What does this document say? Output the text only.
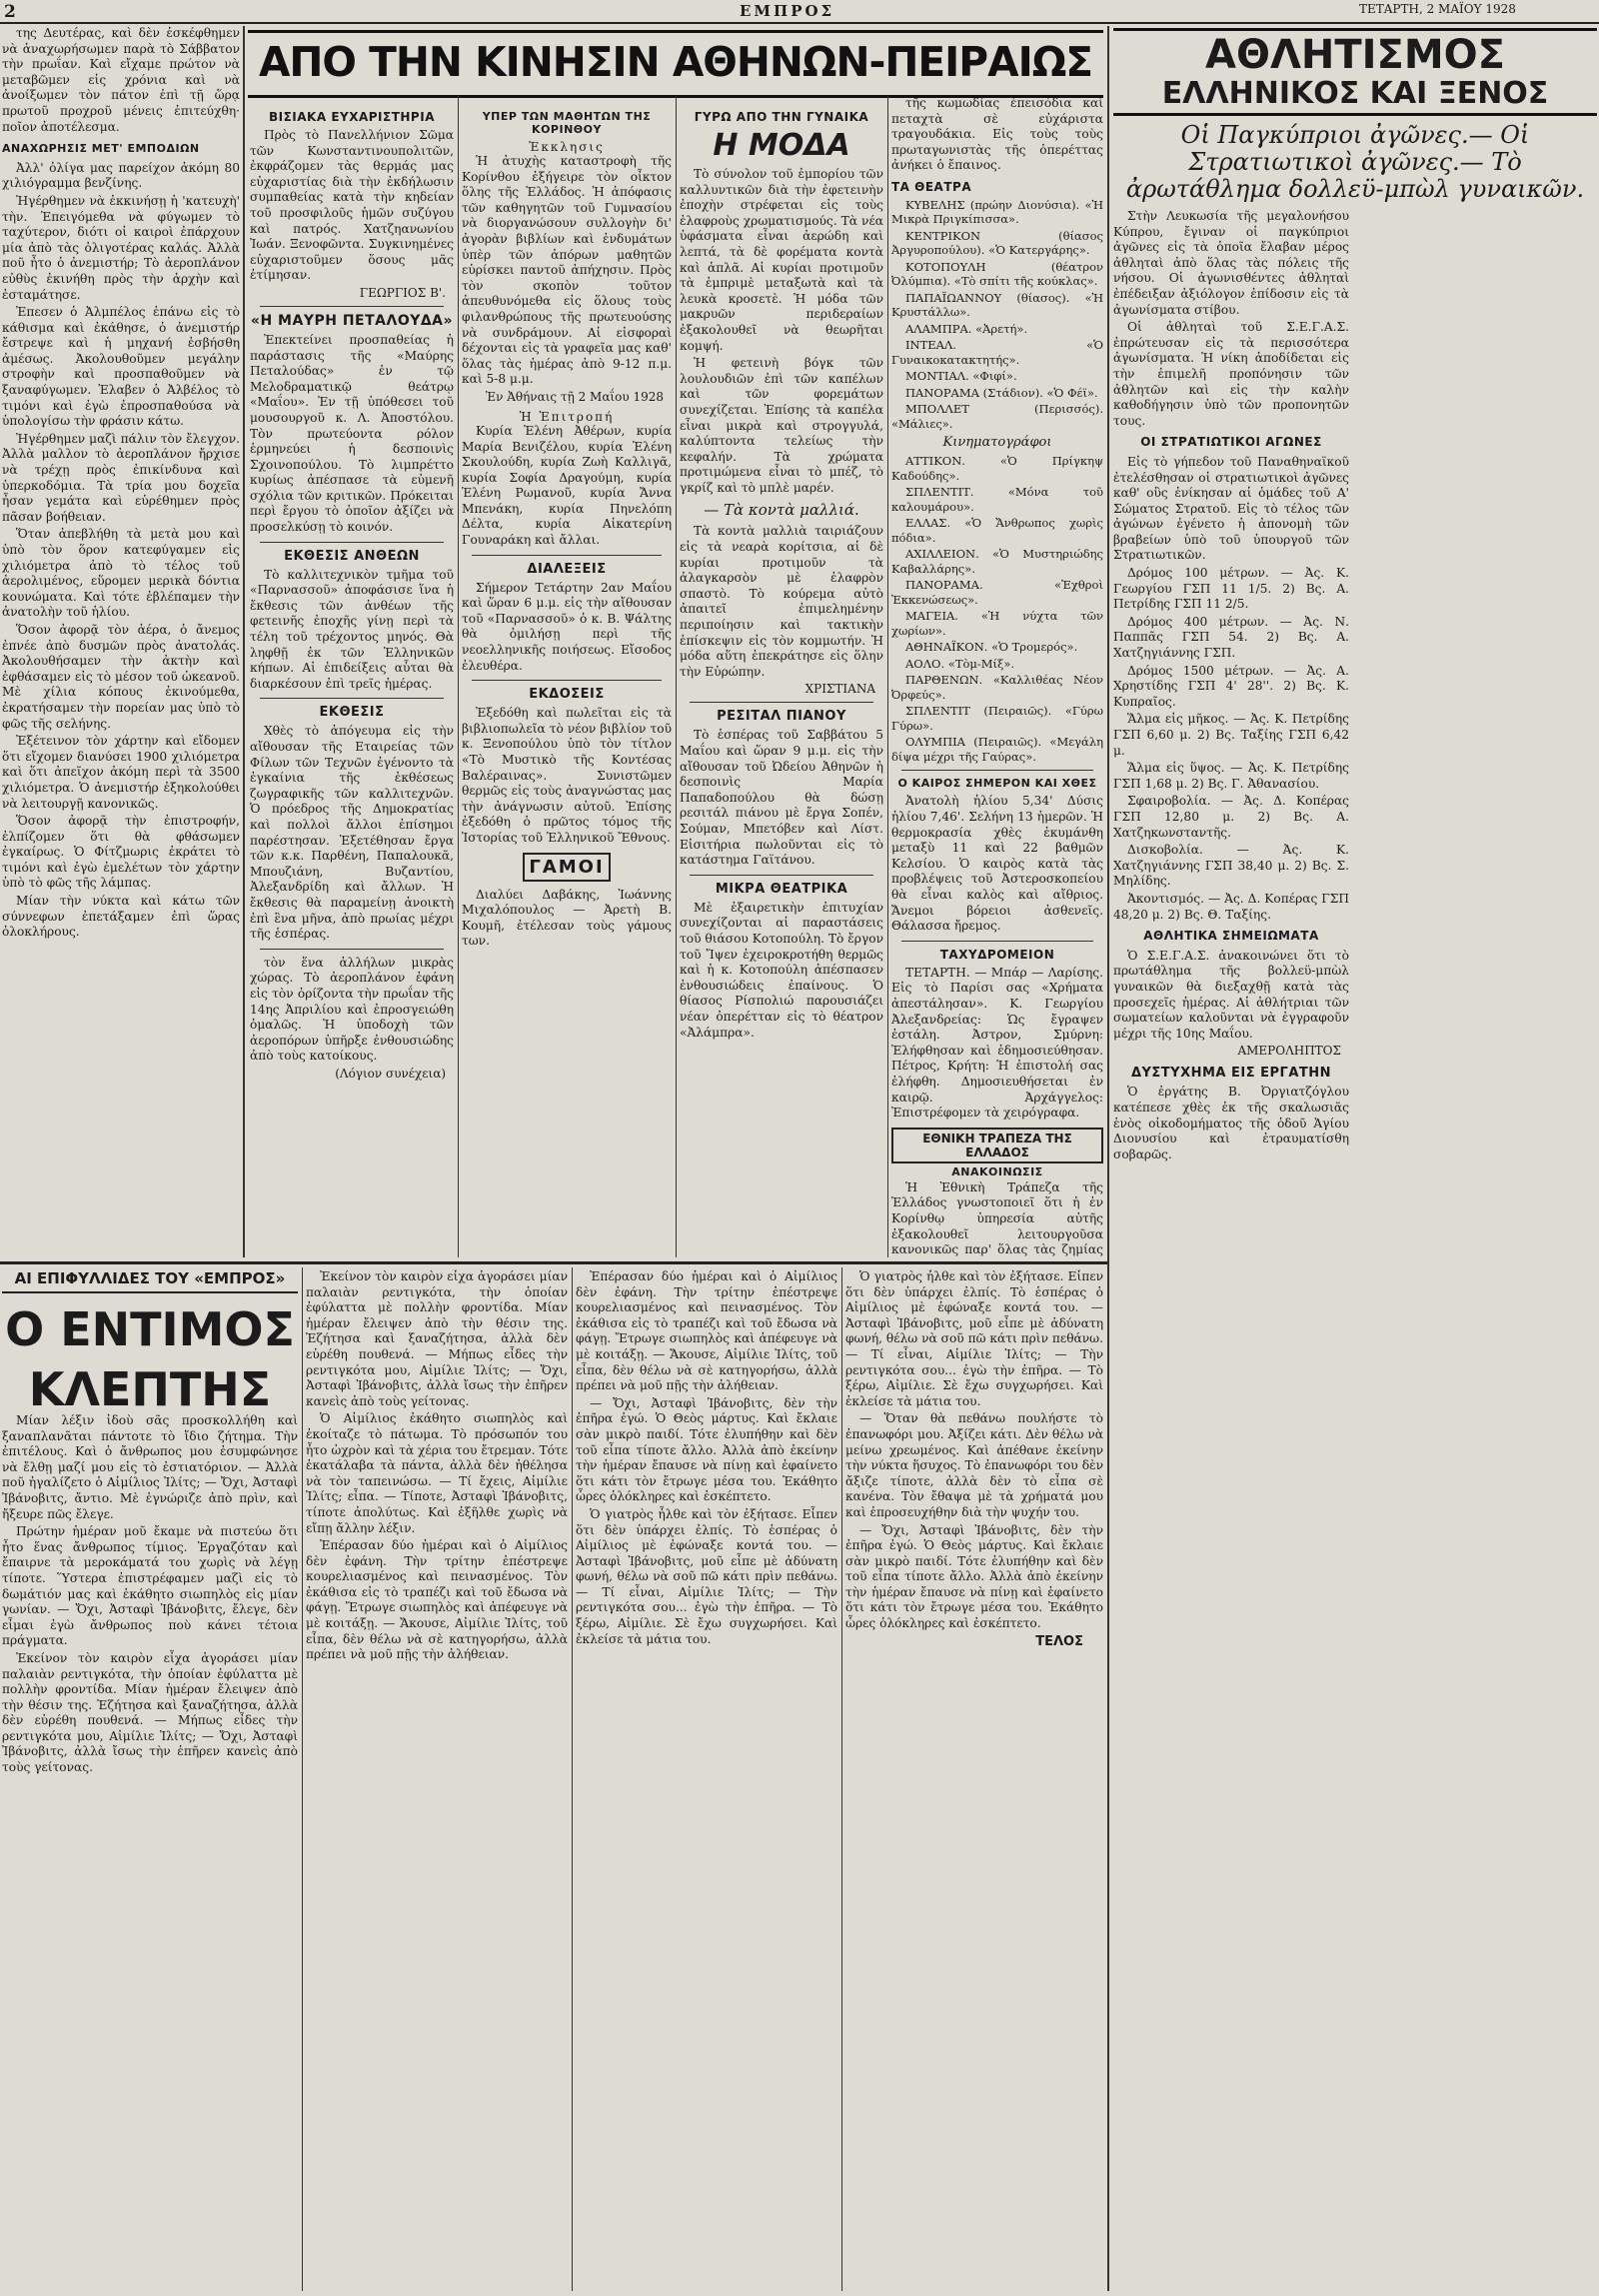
2	ΕΜΠΡΟΣ	ΤΕΤΑΡΤΗ, 2 ΜΑΪΟΥ 1928

της Δευτέρας, καὶ δὲν ἐσκέφθημεν νὰ ἀναχωρήσωμεν παρὰ τὸ Σάββατον τὴν πρωΐαν. Καὶ εἴχαμε πρώτον νὰ μεταβῶμεν εἰς χρόνια καὶ νὰ ἀνοίξωμεν τὸν πάτον ἐπὶ τῇ ὥρᾳ πρωτοῦ προχροῦ μένεις ἐπιτεύχθη· ποῖον ἀποτέλεσμα.

ΑΝΑΧΩΡΗΣΙΣ ΜΕΤ' ΕΜΠΟΔΙΩΝ

Ἀλλ' ὀλίγα μας παρείχον ἀκόμη 80 χιλιόγραμμα βενζίνης.

Ἠγέρθημεν νὰ ἐκκινήσῃ ἡ 'κατευχὴ' τὴν. Ἐπειγόμεθα νὰ φύγωμεν τὸ ταχύτερον, διότι οἱ καιροὶ ἐπάρχουν μία ἀπὸ τὰς ὀλιγοτέρας καλάς. Ἀλλὰ ποῦ ἦτο ὁ ἀνεμιστήρ; Τὸ ἀεροπλάνον εὐθὺς ἐκινήθη πρὸς τὴν ἀρχὴν καὶ ἐσταμάτησε.

Ἐπεσεν ὁ Ἀλμπέλος ἐπάνω εἰς τὸ κάθισμα καὶ ἐκάθησε, ὁ ἀνεμιστήρ ἔστρεψε καὶ ἡ μηχανή ἐσβήσθη ἀμέσως. Ἀκολουθοῦμεν μεγάλην στροφὴν καὶ προσπαθοῦμεν νὰ ξαναφύγωμεν. Ἐλαβεν ὁ Ἀλβέλος τὸ τιμόνι καὶ ἐγὼ ἐπροσπαθούσα νὰ ὑπολογίσω τὴν φράσιν κάτω.

Ἠγέρθημεν μαζὶ πάλιν τὸν ἔλεγχον. Ἀλλὰ μαλλον τὸ ἀεροπλάνον ἤρχισε νὰ τρέχῃ πρὸς ἐπικίνδυνα καὶ ὑπερκοδόμια. Τὰ τρία μου δοχεῖα ἦσαν γεμάτα καὶ εὑρέθημεν πρὸς πᾶσαν βοήθειαν.

Ὅταν ἀπεβλήθη τὰ μετὰ μου καὶ ὑπὸ τὸν ὅρον κατεφύγαμεν εἰς χιλιόμετρα ἀπὸ τὸ τέλος τοῦ ἀερολιμένος, εὕρομεν μερικὰ δόντια κουνώματα. Καὶ τότε ἐβλέπαμεν τὴν ἀνατολὴν τοῦ ἡλίου.

Ὅσον ἀφορᾷ τὸν ἀέρα, ὁ ἄνεμος ἐπνέε ἀπὸ δυσμῶν πρὸς ἀνατολάς. Ἀκολουθήσαμεν τὴν ἀκτὴν καὶ ἐφθάσαμεν εἰς τὸ μέσον τοῦ ὠκεανοῦ. Μὲ χίλια κόπους ἐκινούμεθα, ἐκρατήσαμεν τὴν πορείαν μας ὑπὸ τὸ φῶς τῆς σελήνης.

Ἐξέτεινον τὸν χάρτην καὶ εἴδομεν ὅτι εἴχομεν διανύσει 1900 χιλιόμετρα καὶ ὅτι ἀπεῖχον ἀκόμη περὶ τὰ 3500 χιλιόμετρα. Ὁ ἀνεμιστήρ ἐξηκολούθει νὰ λειτουργῇ κανονικῶς.

Ὅσον ἀφορᾷ τὴν ἐπιστροφήν, ἐλπίζομεν ὅτι θὰ φθάσωμεν ἐγκαίρως. Ὁ Φίτζμωρις ἐκράτει τὸ τιμόνι καὶ ἐγὼ ἐμελέτων τὸν χάρτην ὑπὸ τὸ φῶς τῆς λάμπας.

Μίαν τὴν νύκτα καὶ κάτω τῶν σύννεφων ἐπετάξαμεν ἐπὶ ὥρας ὁλοκλήρους.

ΑΠΟ ΤΗΝ ΚΙΝΗΣΙΝ ΑΘΗΝΩΝ-ΠΕΙΡΑΙΩΣ
ΒΙΣΙΑΚΑ ΕΥΧΑΡΙΣΤΗΡΙΑ

Πρὸς τὸ Πανελλήνιον Σῶμα τῶν Κωνσταντινουπολιτῶν, ἐκφράζομεν τὰς θερμάς μας εὐχαριστίας διὰ τὴν ἐκδήλωσιν συμπαθείας κατὰ τὴν κηδείαν τοῦ προσφιλοῦς ἡμῶν συζύγου καὶ πατρός. Χατζηανωνίου Ἰωάν. Ξενοφῶντα. Συγκινημένες εὐχαριστοῦμεν ὅσους μᾶς ἐτίμησαν.

ΓΕΩΡΓΙΟΣ Β'.
«Η ΜΑΥΡΗ ΠΕΤΑΛΟΥΔΑ»

Ἐπεκτείνει προσπαθείας ἡ παράστασις τῆς «Μαύρης Πεταλούδας» ἐν τῷ Μελοδραματικῷ θεάτρῳ «Μαΐου». Ἐν τῇ ὑπόθεσει τοῦ μουσουργοῦ κ. Λ. Ἀποστόλου. Τὸν πρωτεύοντα ρόλον ἑρμηνεύει ἡ δεσποινὶς Σχοινοπούλου. Τὸ λιμπρέττο κυρίως ἀπέσπασε τὰ εὐμενῆ σχόλια τῶν κριτικῶν. Πρόκειται περὶ ἔργου τὸ ὁποῖον ἀξίζει νὰ προσελκύσῃ τὸ κοινόν.

ΕΚΘΕΣΙΣ ΑΝΘΕΩΝ

Τὸ καλλιτεχνικὸν τμῆμα τοῦ «Παρνασσοῦ» ἀποφάσισε ἵνα ἡ ἔκθεσις τῶν ἀνθέων τῆς φετεινῆς ἐποχῆς γίνῃ περὶ τὰ τέλη τοῦ τρέχοντος μηνός. Θὰ ληφθῇ ἐκ τῶν Ἑλληνικῶν κήπων. Αἱ ἐπιδείξεις αὗται θὰ διαρκέσουν ἐπὶ τρεῖς ἡμέρας.

ΕΚΘΕΣΙΣ

Χθὲς τὸ ἀπόγευμα εἰς τὴν αἴθουσαν τῆς Εταιρείας τῶν Φίλων τῶν Τεχνῶν ἐγένοντο τὰ ἐγκαίνια τῆς ἐκθέσεως ζωγραφικῆς τῶν καλλιτεχνῶν. Ὁ πρόεδρος τῆς Δημοκρατίας καὶ πολλοὶ ἄλλοι ἐπίσημοι παρέστησαν. Ἐξετέθησαν ἔργα τῶν κ.κ. Παρθένη, Παπαλουκᾶ, Μπουζιάνη, Βυζαντίου, Ἀλεξανδρίδη καὶ ἄλλων. Ἡ ἔκθεσις θὰ παραμείνῃ ἀνοικτὴ ἐπὶ ἓνα μῆνα, ἀπὸ πρωίας μέχρι τῆς ἑσπέρας.

τὸν ἕνα ἀλλήλων μικρὰς χώρας. Τὸ ἀεροπλάνον ἐφάνη εἰς τὸν ὁρίζοντα τὴν πρωΐαν τῆς 14ης Ἀπριλίου καὶ ἐπροσγειώθη ὁμαλῶς. Ἡ ὑποδοχὴ τῶν ἀεροπόρων ὑπῆρξε ἐνθουσιώδης ἀπὸ τοὺς κατοίκους.

(Λόγιον συνέχεια)
ΥΠΕΡ ΤΩΝ ΜΑΘΗΤΩΝ ΤΗΣ ΚΟΡΙΝΘΟΥ
Ἐκκλησις

Ἡ ἀτυχὴς καταστροφὴ τῆς Κορίνθου ἐξήγειρε τὸν οἶκτον ὅλης τῆς Ἑλλάδος. Ἡ ἀπόφασις τῶν καθηγητῶν τοῦ Γυμνασίου νὰ διοργανώσουν συλλογὴν δι' ἀγορὰν βιβλίων καὶ ἐνδυμάτων ὑπὲρ τῶν ἀπόρων μαθητῶν εὑρίσκει παντοῦ ἀπήχησιν. Πρὸς τὸν σκοπὸν τοῦτον ἀπευθυνόμεθα εἰς ὅλους τοὺς φιλανθρώπους τῆς πρωτευούσης νὰ συνδράμουν. Αἱ εἰσφοραὶ δέχονται εἰς τὰ γραφεῖα μας καθ' ὅλας τὰς ἡμέρας ἀπὸ 9-12 π.μ. καὶ 5-8 μ.μ.

Ἐν Ἀθήναις τῇ 2 Μαΐου 1928
Ἡ Ἐπιτροπή

Κυρία Ἑλένη Ἀθέρων, κυρία Μαρία Βενιζέλου, κυρία Ἑλένη Σκουλούδη, κυρία Ζωὴ Καλλιγᾶ, κυρία Σοφία Δραγούμη, κυρία Ἑλένη Ρωμανοῦ, κυρία Ἄννα Μπενάκη, κυρία Πηνελόπη Δέλτα, κυρία Αἰκατερίνη Γουναράκη καὶ ἄλλαι.

ΔΙΑΛΕΞΕΙΣ

Σήμερον Τετάρτην 2αν Μαΐου καὶ ὥραν 6 μ.μ. εἰς τὴν αἴθουσαν τοῦ «Παρνασσοῦ» ὁ κ. Β. Ψάλτης θὰ ὁμιλήσῃ περὶ τῆς νεοελληνικῆς ποιήσεως. Εἴσοδος ἐλευθέρα.

ΕΚΔΟΣΕΙΣ

Ἐξεδόθη καὶ πωλεῖται εἰς τὰ βιβλιοπωλεῖα τὸ νέον βιβλίον τοῦ κ. Ξενοπούλου ὑπὸ τὸν τίτλον «Τὸ Μυστικὸ τῆς Κοντέσας Βαλέραινας». Συνιστῶμεν θερμῶς εἰς τοὺς ἀναγνώστας μας τὴν ἀνάγνωσιν αὐτοῦ. Ἐπίσης ἐξεδόθη ὁ πρῶτος τόμος τῆς Ἱστορίας τοῦ Ἑλληνικοῦ Ἔθνους.

ΓΑΜΟΙ

Διαλύει Δαβάκης, Ἰωάννης Μιχαλόπουλος — Ἀρετὴ Β. Κουμῆ, ἐτέλεσαν τοὺς γάμους των.

ΓΥΡΩ ΑΠΟ ΤΗΝ ΓΥΝΑΙΚΑ
Η ΜΟΔΑ

Τὸ σύνολον τοῦ ἐμπορίου τῶν καλλυντικῶν διὰ τὴν ἐφετεινὴν ἐποχὴν στρέφεται εἰς τοὺς ἐλαφροὺς χρωματισμούς. Τὰ νέα ὑφάσματα εἶναι ἀερώδη καὶ λεπτά, τὰ δὲ φορέματα κοντὰ καὶ ἁπλᾶ. Αἱ κυρίαι προτιμοῦν τὰ ἐμπριμὲ μεταξωτὰ καὶ τὰ λευκὰ κροσετὲ. Ἡ μόδα τῶν μακρυῶν περιδεραίων ἐξακολουθεῖ νὰ θεωρῆται κομψή.

Ἡ φετεινὴ βόγκ τῶν λουλουδιῶν ἐπὶ τῶν καπέλων καὶ τῶν φορεμάτων συνεχίζεται. Ἐπίσης τὰ καπέλα εἶναι μικρὰ καὶ στρογγυλά, καλύπτοντα τελείως τὴν κεφαλήν. Τὰ χρώματα προτιμώμενα εἶναι τὸ μπέζ, τὸ γκρίζ καὶ τὸ μπλὲ μαρέν.

— Τὰ κοντὰ μαλλιά.

Τὰ κοντὰ μαλλιὰ ταιριάζουν εἰς τὰ νεαρὰ κορίτσια, αἱ δὲ κυρίαι προτιμοῦν τὰ ἀλαγκαρσὸν μὲ ἐλαφρὸν σπαστὸ. Τὸ κούρεμα αὐτὸ ἀπαιτεῖ ἐπιμελημένην περιποίησιν καὶ τακτικὴν ἐπίσκεψιν εἰς τὸν κομμωτήν. Ἡ μόδα αὕτη ἐπεκράτησε εἰς ὅλην τὴν Εὐρώπην.

ΧΡΙΣΤΙΑΝΑ
ΡΕΣΙΤΑΛ ΠΙΑΝΟΥ

Τὸ ἑσπέρας τοῦ Σαββάτου 5 Μαΐου καὶ ὥραν 9 μ.μ. εἰς τὴν αἴθουσαν τοῦ Ὠδείου Ἀθηνῶν ἡ δεσποινὶς Μαρία Παπαδοπούλου θὰ δώσῃ ρεσιτάλ πιάνου μὲ ἔργα Σοπέν, Σούμαν, Μπετόβεν καὶ Λίστ. Εἰσιτήρια πωλοῦνται εἰς τὸ κατάστημα Γαϊτάνου.

ΜΙΚΡΑ ΘΕΑΤΡΙΚΑ

Μὲ ἐξαιρετικὴν ἐπιτυχίαν συνεχίζονται αἱ παραστάσεις τοῦ θιάσου Κοτοπούλη. Τὸ ἔργον τοῦ Ἴψεν ἐχειροκροτήθη θερμῶς καὶ ἡ κ. Κοτοπούλη ἀπέσπασεν ἐνθουσιώδεις ἐπαίνους. Ὁ θίασος Ρίσπολιώ παρουσιάζει νέαν ὀπερέτταν εἰς τὸ θέατρον «Ἀλάμπρα».

τῆς κωμωδίας ἐπεισόδια καὶ πεταχτὰ σὲ εὐχάριστα τραγουδάκια. Εἰς τοὺς τοὺς πρωταγωνιστὰς τῆς ὀπερέττας ἀνήκει ὁ ἔπαινος.

ΤΑ ΘΕΑΤΡΑ

ΚΥΒΕΛΗΣ (πρώην Διονύσια). «Ἡ Μικρὰ Πριγκίπισσα».

ΚΕΝΤΡΙΚΟΝ (θίασος Ἀργυροπούλου). «Ὁ Κατεργάρης».

ΚΟΤΟΠΟΥΛΗ (θέατρον Ὀλύμπια). «Τὸ σπίτι τῆς κούκλας».

ΠΑΠΑΪΩΑΝΝΟΥ (θίασος). «Ἡ Κρυστάλλω».

ΑΛΑΜΠΡΑ. «Ἀρετή».

ΙΝΤΕΑΛ. «Ὁ Γυναικοκατακτητής».

ΜΟΝΤΙΑΛ. «Φιφί».

ΠΑΝΟΡΑΜΑ (Στάδιον). «Ὁ Φέϊ».

ΜΠΟΛΛΕΤ (Περισσός). «Μάλιες».

Κινηματογράφοι

ΑΤΤΙΚΟΝ. «Ὁ Πρίγκηψ Καδούδης».

ΣΠΛΕΝΤΙΤ. «Μόνα τοῦ καλουμάρου».

ΕΛΛΑΣ. «Ὁ Ἄνθρωπος χωρὶς πόδια».

ΑΧΙΛΛΕΙΟΝ. «Ὁ Μυστηριώδης Καβαλλάρης».

ΠΑΝΟΡΑΜΑ. «Ἐχθροὶ Ἐκκενώσεως».

ΜΑΓΕΙΑ. «Ἡ νύχτα τῶν χωρίων».

ΑΘΗΝΑΪΚΟΝ. «Ὁ Τρομερός».

ΑΟΛΟ. «Τὸμ-Μίξ».

ΠΑΡΘΕΝΩΝ. «Καλλιθέας Νέον Ὀρφεύς».

ΣΠΛΕΝΤΙΤ (Πειραιῶς). «Γύρω Γύρω».

ΟΛΥΜΠΙΑ (Πειραιῶς). «Μεγάλη δίψα μέχρι τῆς Γαύρας».

Ο ΚΑΙΡΟΣ ΣΗΜΕΡΟΝ ΚΑΙ ΧΘΕΣ

Ἀνατολὴ ἡλίου 5,34' Δύσις ἡλίου 7,46'. Σελήνη 13 ἡμερῶν. Ἡ θερμοκρασία χθὲς ἐκυμάνθη μεταξὺ 11 καὶ 22 βαθμῶν Κελσίου. Ὁ καιρὸς κατὰ τὰς προβλέψεις τοῦ Ἀστεροσκοπείου θὰ εἶναι καλὸς καὶ αἴθριος. Ἄνεμοι βόρειοι ἀσθενεῖς. Θάλασσα ἤρεμος.

ΤΑΧΥΔΡΟΜΕΙΟΝ

ΤΕΤΑΡΤΗ. — Μπάρ — Λαρίσης. Εἰς τὸ Παρίσι σας «Χρήματα ἀπεστάλησαν». Κ. Γεωργίου Ἀλεξανδρείας: Ὡς ἔγραψεν ἐστάλη. Ἀστρον, Σμύρνη: Ἐλήφθησαν καὶ ἐδημοσιεύθησαν. Πέτρος, Κρήτη: Ἡ ἐπιστολή σας ἐλήφθη. Δημοσιευθήσεται ἐν καιρῷ. Ἀρχάγγελος: Ἐπιστρέφομεν τὰ χειρόγραφα.

ΕΘΝΙΚΗ ΤΡΑΠΕΖΑ ΤΗΣ ΕΛΛΑΔΟΣ
ΑΝΑΚΟΙΝΩΣΙΣ

Ἡ Ἐθνικὴ Τράπεζα τῆς Ἑλλάδος γνωστοποιεῖ ὅτι ἡ ἐν Κορίνθῳ ὑπηρεσία αὐτῆς ἐξακολουθεῖ λειτουργοῦσα κανονικῶς παρ' ὅλας τὰς ζημίας

ΑΘΛΗΤΙΣΜΟΣ
ΕΛΛΗΝΙΚΟΣ ΚΑΙ ΞΕΝΟΣ
Οἱ Παγκύπριοι ἀγῶνες.— Οἱ Στρατιωτικοὶ ἀγῶνες.— Τὸ ἀρωτάθλημα δολλεϋ-μπὼλ γυναικῶν.

Στὴν Λευκωσία τῆς μεγαλονήσου Κύπρου, ἔγιναν οἱ παγκύπριοι ἀγῶνες εἰς τὰ ὁποῖα ἔλαβαν μέρος ἀθληταὶ ἀπὸ ὅλας τὰς πόλεις τῆς νήσου. Οἱ ἀγωνισθέντες ἀθληταὶ ἐπέδειξαν ἀξιόλογον ἐπίδοσιν εἰς τὰ ἀγωνίσματα στίβου.

Οἱ ἀθληταὶ τοῦ Σ.Ε.Γ.Α.Σ. ἐπρώτευσαν εἰς τὰ περισσότερα ἀγωνίσματα. Ἡ νίκη ἀποδίδεται εἰς τὴν ἐπιμελῆ προπόνησιν τῶν ἀθλητῶν καὶ εἰς τὴν καλὴν καθοδήγησιν ὑπὸ τῶν προπονητῶν τους.

ΟΙ ΣΤΡΑΤΙΩΤΙΚΟΙ ΑΓΩΝΕΣ

Εἰς τὸ γήπεδον τοῦ Παναθηναϊκοῦ ἐτελέσθησαν οἱ στρατιωτικοὶ ἀγῶνες καθ' οὓς ἐνίκησαν αἱ ὁμάδες τοῦ Α' Σώματος Στρατοῦ. Εἰς τὸ τέλος τῶν ἀγώνων ἐγένετο ἡ ἀπονομὴ τῶν βραβείων ὑπὸ τοῦ ὑπουργοῦ τῶν Στρατιωτικῶν.

Δρόμος 100 μέτρων. — Ἀς. Κ. Γεωργίου ΓΣΠ 11 1/5. 2) Βς. Α. Πετρίδης ΓΣΠ 11 2/5.

Δρόμος 400 μέτρων. — Ἀς. Ν. Παππᾶς ΓΣΠ 54. 2) Βς. Α. Χατζηγιάννης ΓΣΠ.

Δρόμος 1500 μέτρων. — Ἀς. Α. Χρηστίδης ΓΣΠ 4' 28''. 2) Βς. Κ. Κυπραῖος.

Ἅλμα εἰς μῆκος. — Ἀς. Κ. Πετρίδης ΓΣΠ 6,60 μ. 2) Βς. Ταξίης ΓΣΠ 6,42 μ.

Ἅλμα εἰς ὕψος. — Ἀς. Κ. Πετρίδης ΓΣΠ 1,68 μ. 2) Βς. Γ. Ἀθανασίου.

Σφαιροβολία. — Ἀς. Δ. Κοπέρας ΓΣΠ 12,80 μ. 2) Βς. Α. Χατζηκωνσταντῆς.

Δισκοβολία. — Ἀς. Κ. Χατζηγιάννης ΓΣΠ 38,40 μ. 2) Βς. Σ. Μηλίδης.

Ἀκοντισμός. — Ἀς. Δ. Κοπέρας ΓΣΠ 48,20 μ. 2) Βς. Θ. Ταξίης.

ΑΘΛΗΤΙΚΑ ΣΗΜΕΙΩΜΑΤΑ

Ὁ Σ.Ε.Γ.Α.Σ. ἀνακοινώνει ὅτι τὸ πρωτάθλημα τῆς βολλεϋ-μπὼλ γυναικῶν θὰ διεξαχθῇ κατὰ τὰς προσεχεῖς ἡμέρας. Αἱ ἀθλήτριαι τῶν σωματείων καλοῦνται νὰ ἐγγραφοῦν μέχρι τῆς 10ης Μαΐου.

ΑΜΕΡΟΛΗΠΤΟΣ
ΔΥΣΤΥΧΗΜΑ ΕΙΣ ΕΡΓΑΤΗΝ

Ὁ ἐργάτης Β. Ὀργιατζόγλου κατέπεσε χθὲς ἐκ τῆς σκαλωσιᾶς ἑνὸς οἰκοδομήματος τῆς ὁδοῦ Ἁγίου Διονυσίου καὶ ἐτραυματίσθη σοβαρῶς.

ΑΙ ΕΠΙΦΥΛΛΙΔΕΣ ΤΟΥ «ΕΜΠΡΟΣ»
Ο ΕΝΤΙΜΟΣ ΚΛΕΠΤΗΣ

Μίαν λέξιν ἰδοὺ σᾶς προσκολλήθη καὶ ξαναπλανᾶται πάντοτε τὸ ἴδιο ζήτημα. Τὴν ἐπιτέλους. Καὶ ὁ ἄνθρωπος μου ἐσυμφώνησε νὰ ἔλθῃ μαζί μου εἰς τὸ ἐστιατόριον. — Ἀλλὰ ποῦ ἠγαλίζετο ὁ Αἰμίλιος Ἰλίτς; — Ὄχι, Ἀσταφὶ Ἰβάνοβιτς, ἄντιο. Μὲ ἐγνώριζε ἀπὸ πρὶν, καὶ ἤξευρε πῶς ἔλεγε.

Πρώτην ἡμέραν μοῦ ἔκαμε νὰ πιστεύω ὅτι ἦτο ἕνας ἄνθρωπος τίμιος. Ἐργαζόταν καὶ ἔπαιρνε τὰ μεροκάματά του χωρὶς νὰ λέγῃ τίποτε. Ὕστερα ἐπιστρέφαμεν μαζὶ εἰς τὸ δωμάτιόν μας καὶ ἐκάθητο σιωπηλὸς εἰς μίαν γωνίαν. — Ὄχι, Ἀσταφὶ Ἰβάνοβιτς, ἔλεγε, δὲν εἶμαι ἐγὼ ἄνθρωπος ποὺ κάνει τέτοια πράγματα.

Ἐκείνον τὸν καιρὸν εἶχα ἀγοράσει μίαν παλαιὰν ρεντιγκότα, τὴν ὁποίαν ἐφύλαττα μὲ πολλὴν φροντίδα. Μίαν ἡμέραν ἔλειψεν ἀπὸ τὴν θέσιν της. Ἐζήτησα καὶ ξαναζήτησα, ἀλλὰ δὲν εὑρέθη πουθενά. — Μήπως εἶδες τὴν ρεντιγκότα μου, Αἰμίλιε Ἰλίτς; — Ὄχι, Ἀσταφὶ Ἰβάνοβιτς, ἀλλὰ ἴσως τὴν ἐπῆρεν κανεὶς ἀπὸ τοὺς γείτονας.

Ἐκείνον τὸν καιρὸν εἶχα ἀγοράσει μίαν παλαιὰν ρεντιγκότα, τὴν ὁποίαν ἐφύλαττα μὲ πολλὴν φροντίδα. Μίαν ἡμέραν ἔλειψεν ἀπὸ τὴν θέσιν της. Ἐζήτησα καὶ ξαναζήτησα, ἀλλὰ δὲν εὑρέθη πουθενά. — Μήπως εἶδες τὴν ρεντιγκότα μου, Αἰμίλιε Ἰλίτς; — Ὄχι, Ἀσταφὶ Ἰβάνοβιτς, ἀλλὰ ἴσως τὴν ἐπῆρεν κανεὶς ἀπὸ τοὺς γείτονας.

Ὁ Αἰμίλιος ἐκάθητο σιωπηλὸς καὶ ἐκοίταζε τὸ πάτωμα. Τὸ πρόσωπόν του ἦτο ὠχρὸν καὶ τὰ χέρια του ἔτρεμαν. Τότε ἐκατάλαβα τὰ πάντα, ἀλλὰ δὲν ἠθέλησα νὰ τὸν ταπεινώσω. — Τί ἔχεις, Αἰμίλιε Ἰλίτς; εἶπα. — Τίποτε, Ἀσταφὶ Ἰβάνοβιτς, τίποτε ἀπολύτως. Καὶ ἐξῆλθε χωρὶς νὰ εἴπῃ ἄλλην λέξιν.

Ἐπέρασαν δύο ἡμέραι καὶ ὁ Αἰμίλιος δὲν ἐφάνη. Τὴν τρίτην ἐπέστρεψε κουρελιασμένος καὶ πεινασμένος. Τὸν ἐκάθισα εἰς τὸ τραπέζι καὶ τοῦ ἔδωσα νὰ φάγῃ. Ἔτρωγε σιωπηλὸς καὶ ἀπέφευγε νὰ μὲ κοιτάξῃ. — Ἄκουσε, Αἰμίλιε Ἰλίτς, τοῦ εἶπα, δὲν θέλω νὰ σὲ κατηγορήσω, ἀλλὰ πρέπει νὰ μοῦ πῇς τὴν ἀλήθειαν.

Ἐπέρασαν δύο ἡμέραι καὶ ὁ Αἰμίλιος δὲν ἐφάνη. Τὴν τρίτην ἐπέστρεψε κουρελιασμένος καὶ πεινασμένος. Τὸν ἐκάθισα εἰς τὸ τραπέζι καὶ τοῦ ἔδωσα νὰ φάγῃ. Ἔτρωγε σιωπηλὸς καὶ ἀπέφευγε νὰ μὲ κοιτάξῃ. — Ἄκουσε, Αἰμίλιε Ἰλίτς, τοῦ εἶπα, δὲν θέλω νὰ σὲ κατηγορήσω, ἀλλὰ πρέπει νὰ μοῦ πῇς τὴν ἀλήθειαν.

— Ὄχι, Ἀσταφὶ Ἰβάνοβιτς, δὲν τὴν ἐπῆρα ἐγώ. Ὁ Θεὸς μάρτυς. Καὶ ἔκλαιε σὰν μικρὸ παιδί. Τότε ἐλυπήθην καὶ δὲν τοῦ εἶπα τίποτε ἄλλο. Ἀλλὰ ἀπὸ ἐκείνην τὴν ἡμέραν ἔπαυσε νὰ πίνῃ καὶ ἐφαίνετο ὅτι κάτι τὸν ἔτρωγε μέσα του. Ἐκάθητο ὧρες ὁλόκληρες καὶ ἐσκέπτετο.

Ὁ γιατρὸς ἦλθε καὶ τὸν ἐξήτασε. Εἶπεν ὅτι δὲν ὑπάρχει ἐλπίς. Τὸ ἑσπέρας ὁ Αἰμίλιος μὲ ἐφώναξε κοντά του. — Ἀσταφὶ Ἰβάνοβιτς, μοῦ εἶπε μὲ ἀδύνατη φωνή, θέλω νὰ σοῦ πῶ κάτι πρὶν πεθάνω. — Τί εἶναι, Αἰμίλιε Ἰλίτς; — Τὴν ρεντιγκότα σου... ἐγὼ τὴν ἐπῆρα. — Τὸ ξέρω, Αἰμίλιε. Σὲ ἔχω συγχωρήσει. Καὶ ἐκλείσε τὰ μάτια του.

Ὁ γιατρὸς ἦλθε καὶ τὸν ἐξήτασε. Εἶπεν ὅτι δὲν ὑπάρχει ἐλπίς. Τὸ ἑσπέρας ὁ Αἰμίλιος μὲ ἐφώναξε κοντά του. — Ἀσταφὶ Ἰβάνοβιτς, μοῦ εἶπε μὲ ἀδύνατη φωνή, θέλω νὰ σοῦ πῶ κάτι πρὶν πεθάνω. — Τί εἶναι, Αἰμίλιε Ἰλίτς; — Τὴν ρεντιγκότα σου... ἐγὼ τὴν ἐπῆρα. — Τὸ ξέρω, Αἰμίλιε. Σὲ ἔχω συγχωρήσει. Καὶ ἐκλείσε τὰ μάτια του.

— Ὅταν θὰ πεθάνω πουλήστε τὸ ἐπανωφόρι μου. Ἀξίζει κάτι. Δὲν θέλω νὰ μείνω χρεωμένος. Καὶ ἀπέθανε ἐκείνην τὴν νύκτα ἥσυχος. Τὸ ἐπανωφόρι του δὲν ἄξιζε τίποτε, ἀλλὰ δὲν τὸ εἶπα σὲ κανένα. Τὸν ἔθαψα μὲ τὰ χρήματά μου καὶ ἐπροσευχήθην διὰ τὴν ψυχήν του.

— Ὄχι, Ἀσταφὶ Ἰβάνοβιτς, δὲν τὴν ἐπῆρα ἐγώ. Ὁ Θεὸς μάρτυς. Καὶ ἔκλαιε σὰν μικρὸ παιδί. Τότε ἐλυπήθην καὶ δὲν τοῦ εἶπα τίποτε ἄλλο. Ἀλλὰ ἀπὸ ἐκείνην τὴν ἡμέραν ἔπαυσε νὰ πίνῃ καὶ ἐφαίνετο ὅτι κάτι τὸν ἔτρωγε μέσα του. Ἐκάθητο ὧρες ὁλόκληρες καὶ ἐσκέπτετο.

ΤΕΛΟΣ
